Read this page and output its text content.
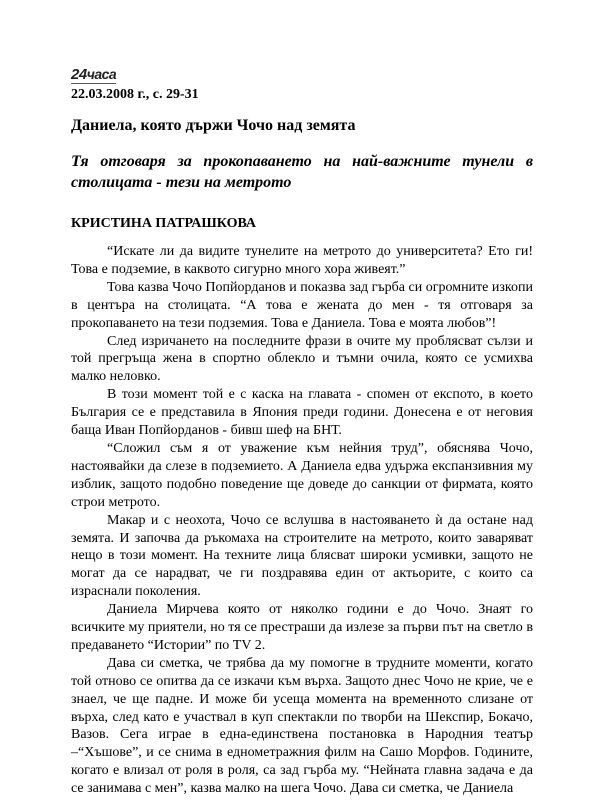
24часа
22.03.2008 г., с. 29-31
Даниела, която държи Чочо над земята
Тя отговаря за прокопаването на най-важните тунели в столицата - тези на метрото
КРИСТИНА ПАТРАШКОВА

“Искате ли да видите тунелите на метрото до университета? Ето ги! Това е подземие, в каквото сигурно много хора живеят.”

Това казва Чочо Попйорданов и показва зад гърба си огромните изкопи в центъра на столицата. “А това е жената до мен - тя отговаря за прокопаването на тези подземия. Това е Даниела. Това е моята любов”!

След изричането на последните фрази в очите му проблясват сълзи и той прегръща жена в спортно облекло и тъмни очила, която се усмихва малко неловко.

В този момент той е с каска на главата - спомен от експото, в което България се е представила в Япония преди години. Донесена е от неговия баща Иван Попйорданов - бивш шеф на БНТ.

“Сложил съм я от уважение към нейния труд”, обяснява Чочо, настоявайки да слезе в подземието. А Даниела едва удържа експанзивния му изблик, защото подобно поведение ще доведе до санкции от фирмата, която строи метрото.

Макар и с неохота, Чочо се вслушва в настояването ѝ да остане над земята. И започва да ръкомаха на строителите на метрото, които заваряват нещо в този момент. На техните лица блясват широки усмивки, защото не могат да се нарадват, че ги поздравява един от актьорите, с които са израснали поколения.

Даниела Мирчева която от няколко години е до Чочо. Знаят го всичките му приятели, но тя се престраши да излезе за първи път на светло в предаването “Истории” по TV 2.

Дава си сметка, че трябва да му помогне в трудните моменти, когато той отново се опитва да се изкачи към върха. Защото днес Чочо не крие, че е знаел, че ще падне. И може би усеща момента на временното слизане от върха, след като е участвал в куп спектакли по творби на Шекспир, Бокачо, Вазов. Сега играе в една-единствена постановка в Народния театър –“Хъшове”, и се снима в еднометражния филм на Сашо Морфов. Годините, когато е влизал от роля в роля, са зад гърба му. “Нейната главна задача е да се занимава с мен”, казва малко на шега Чочо. Дава си сметка, че Даниела
